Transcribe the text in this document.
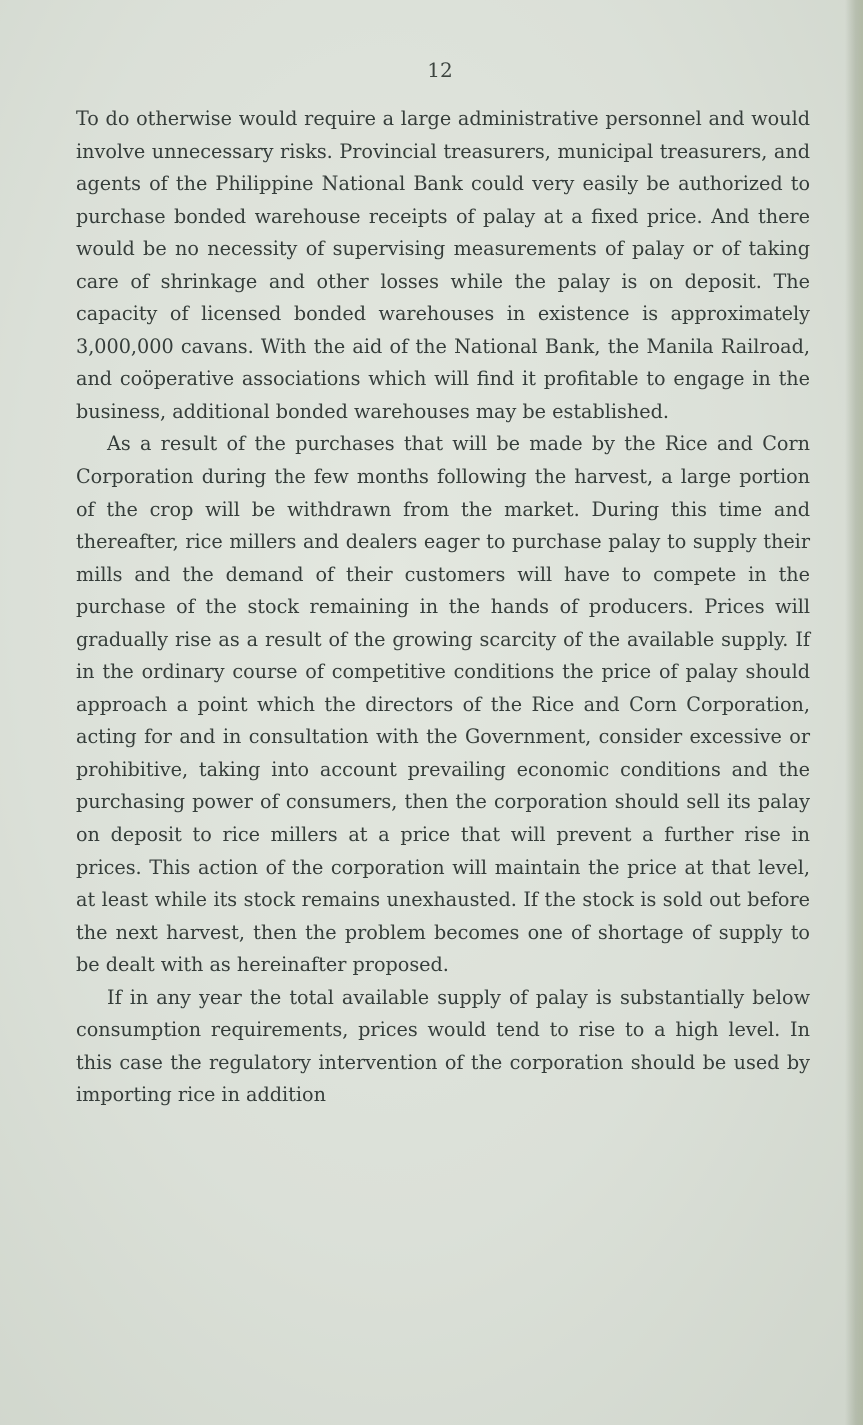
12

To do otherwise would require a large administrative personnel and would involve unnecessary risks. Provincial treasurers, municipal treasurers, and agents of the Philippine National Bank could very easily be authorized to purchase bonded warehouse receipts of palay at a fixed price. And there would be no necessity of supervising measurements of palay or of taking care of shrinkage and other losses while the palay is on deposit. The capacity of licensed bonded warehouses in existence is approximately 3,000,000 cavans. With the aid of the National Bank, the Manila Railroad, and coöperative associations which will find it profitable to engage in the business, additional bonded warehouses may be established.

As a result of the purchases that will be made by the Rice and Corn Corporation during the few months following the harvest, a large portion of the crop will be withdrawn from the market. During this time and thereafter, rice millers and dealers eager to purchase palay to supply their mills and the demand of their customers will have to compete in the purchase of the stock remaining in the hands of producers. Prices will gradually rise as a result of the growing scarcity of the available supply. If in the ordinary course of competitive conditions the price of palay should approach a point which the directors of the Rice and Corn Corporation, acting for and in consultation with the Government, consider excessive or prohibitive, taking into account prevailing economic conditions and the purchasing power of consumers, then the corporation should sell its palay on deposit to rice millers at a price that will prevent a further rise in prices. This action of the corporation will maintain the price at that level, at least while its stock remains unexhausted. If the stock is sold out before the next harvest, then the problem becomes one of shortage of supply to be dealt with as hereinafter proposed.

If in any year the total available supply of palay is substantially below consumption requirements, prices would tend to rise to a high level. In this case the regulatory intervention of the corporation should be used by importing rice in addition
